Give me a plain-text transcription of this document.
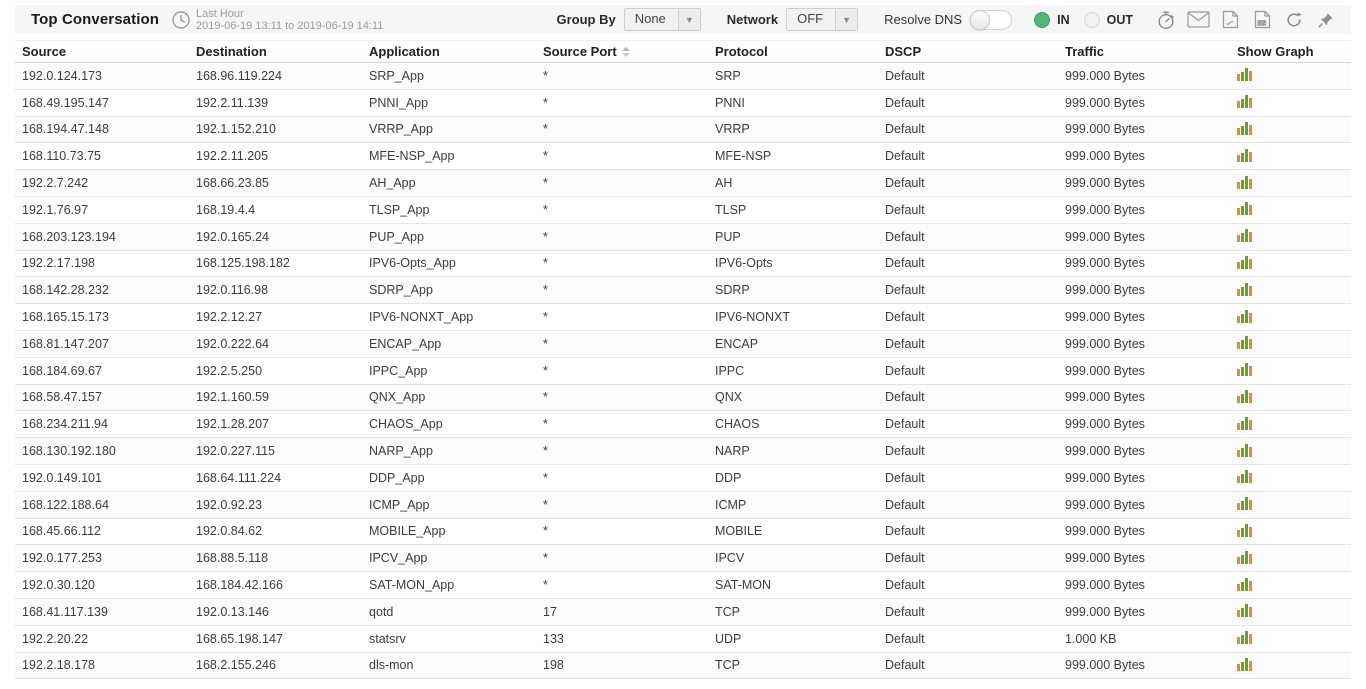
Top Conversation	Last Hour
2019-06-19 13:11 to 2019-06-19 14:11	Group By	None	▼	Network	OFF	▼	Resolve DNS	IN	OUT	CSV
Source	Destination	Application	Source Port	Protocol	DSCP	Traffic	Show Graph
192.0.124.173	168.96.119.224	SRP_App	*	SRP	Default	999.000 Bytes
168.49.195.147	192.2.11.139	PNNI_App	*	PNNI	Default	999.000 Bytes
168.194.47.148	192.1.152.210	VRRP_App	*	VRRP	Default	999.000 Bytes
168.110.73.75	192.2.11.205	MFE-NSP_App	*	MFE-NSP	Default	999.000 Bytes
192.2.7.242	168.66.23.85	AH_App	*	AH	Default	999.000 Bytes
192.1.76.97	168.19.4.4	TLSP_App	*	TLSP	Default	999.000 Bytes
168.203.123.194	192.0.165.24	PUP_App	*	PUP	Default	999.000 Bytes
192.2.17.198	168.125.198.182	IPV6-Opts_App	*	IPV6-Opts	Default	999.000 Bytes
168.142.28.232	192.0.116.98	SDRP_App	*	SDRP	Default	999.000 Bytes
168.165.15.173	192.2.12.27	IPV6-NONXT_App	*	IPV6-NONXT	Default	999.000 Bytes
168.81.147.207	192.0.222.64	ENCAP_App	*	ENCAP	Default	999.000 Bytes
168.184.69.67	192.2.5.250	IPPC_App	*	IPPC	Default	999.000 Bytes
168.58.47.157	192.1.160.59	QNX_App	*	QNX	Default	999.000 Bytes
168.234.211.94	192.1.28.207	CHAOS_App	*	CHAOS	Default	999.000 Bytes
168.130.192.180	192.0.227.115	NARP_App	*	NARP	Default	999.000 Bytes
192.0.149.101	168.64.111.224	DDP_App	*	DDP	Default	999.000 Bytes
168.122.188.64	192.0.92.23	ICMP_App	*	ICMP	Default	999.000 Bytes
168.45.66.112	192.0.84.62	MOBILE_App	*	MOBILE	Default	999.000 Bytes
192.0.177.253	168.88.5.118	IPCV_App	*	IPCV	Default	999.000 Bytes
192.0.30.120	168.184.42.166	SAT-MON_App	*	SAT-MON	Default	999.000 Bytes
168.41.117.139	192.0.13.146	qotd	17	TCP	Default	999.000 Bytes
192.2.20.22	168.65.198.147	statsrv	133	UDP	Default	1.000 KB
192.2.18.178	168.2.155.246	dls-mon	198	TCP	Default	999.000 Bytes
